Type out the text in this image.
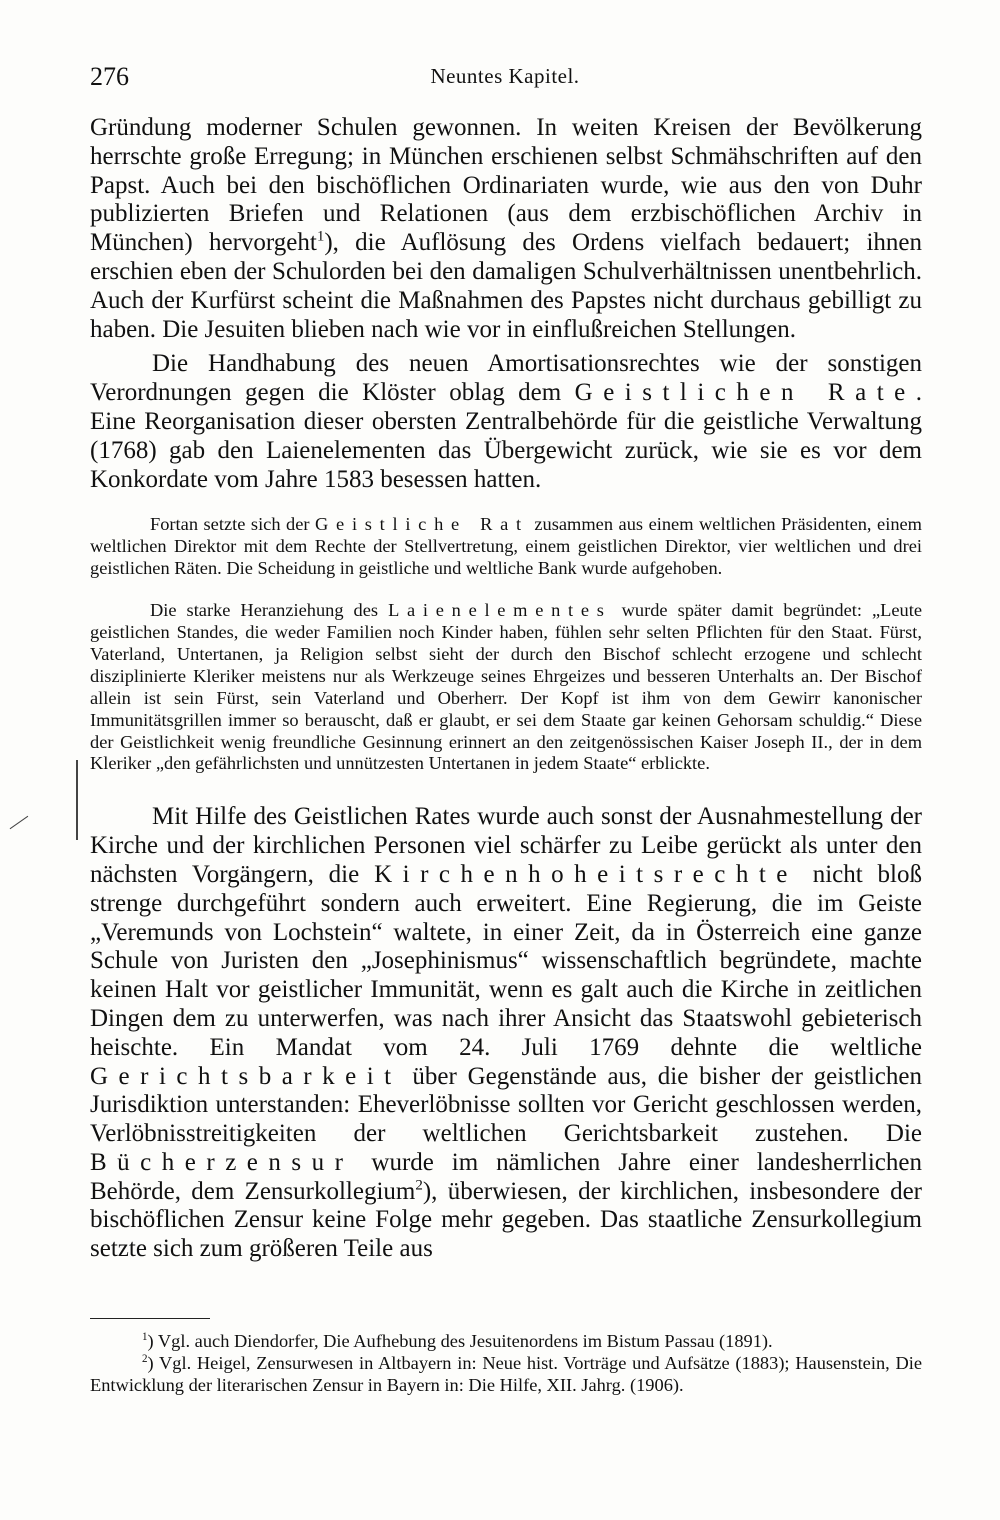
276	Neuntes Kapitel.

Gründung moderner Schulen gewonnen. In weiten Kreisen der Bevölkerung herrschte große Erregung; in München erschienen selbst Schmähschriften auf den Papst. Auch bei den bischöflichen Ordinariaten wurde, wie aus den von Duhr publizierten Briefen und Relationen (aus dem erzbischöflichen Archiv in München) hervorgeht$^1$), die Auflösung des Ordens vielfach bedauert; ihnen erschien eben der Schulorden bei den damaligen Schulverhältnissen unentbehrlich. Auch der Kurfürst scheint die Maßnahmen des Papstes nicht durchaus gebilligt zu haben. Die Jesuiten blieben nach wie vor in einflußreichen Stellungen.

Die Handhabung des neuen Amortisationsrechtes wie der sonstigen Verordnungen gegen die Klöster oblag dem Geistlichen Rate. Eine Reorganisation dieser obersten Zentralbehörde für die geistliche Verwaltung (1768) gab den Laienelementen das Übergewicht zurück, wie sie es vor dem Konkordate vom Jahre 1583 besessen hatten.

Fortan setzte sich der Geistliche Rat zusammen aus einem weltlichen Präsidenten, einem weltlichen Direktor mit dem Rechte der Stellvertretung, einem geistlichen Direktor, vier weltlichen und drei geistlichen Räten. Die Scheidung in geistliche und weltliche Bank wurde aufgehoben.

Die starke Heranziehung des Laienelementes wurde später damit begründet: „Leute geistlichen Standes, die weder Familien noch Kinder haben, fühlen sehr selten Pflichten für den Staat. Fürst, Vaterland, Untertanen, ja Religion selbst sieht der durch den Bischof schlecht erzogene und schlecht disziplinierte Kleriker meistens nur als Werkzeuge seines Ehrgeizes und besseren Unterhalts an. Der Bischof allein ist sein Fürst, sein Vaterland und Oberherr. Der Kopf ist ihm von dem Gewirr kanonischer Immunitätsgrillen immer so berauscht, daß er glaubt, er sei dem Staate gar keinen Gehorsam schuldig.“ Diese der Geistlichkeit wenig freundliche Gesinnung erinnert an den zeitgenössischen Kaiser Joseph II., der in dem Kleriker „den gefährlichsten und unnützesten Untertanen in jedem Staate“ erblickte.

Mit Hilfe des Geistlichen Rates wurde auch sonst der Ausnahmestellung der Kirche und der kirchlichen Personen viel schärfer zu Leibe gerückt als unter den nächsten Vorgängern, die Kirchenhoheitsrechte nicht bloß strenge durchgeführt sondern auch erweitert. Eine Regierung, die im Geiste „Veremunds von Lochstein“ waltete, in einer Zeit, da in Österreich eine ganze Schule von Juristen den „Josephinismus“ wissenschaftlich begründete, machte keinen Halt vor geistlicher Immunität, wenn es galt auch die Kirche in zeitlichen Dingen dem zu unterwerfen, was nach ihrer Ansicht das Staatswohl gebieterisch heischte. Ein Mandat vom 24. Juli 1769 dehnte die weltliche Gerichtsbarkeit über Gegenstände aus, die bisher der geistlichen Jurisdiktion unterstanden: Eheverlöbnisse sollten vor Gericht geschlossen werden, Verlöbnisstreitigkeiten der weltlichen Gerichtsbarkeit zustehen. Die Bücherzensur wurde im nämlichen Jahre einer landesherrlichen Behörde, dem Zensurkollegium$^2$), überwiesen, der kirchlichen, insbesondere der bischöflichen Zensur keine Folge mehr gegeben. Das staatliche Zensurkollegium setzte sich zum größeren Teile aus

$^1$) Vgl. auch Diendorfer, Die Aufhebung des Jesuitenordens im Bistum Passau (1891).

$^2$) Vgl. Heigel, Zensurwesen in Altbayern in: Neue hist. Vorträge und Aufsätze (1883); Hausenstein, Die Entwicklung der literarischen Zensur in Bayern in: Die Hilfe, XII. Jahrg. (1906).
